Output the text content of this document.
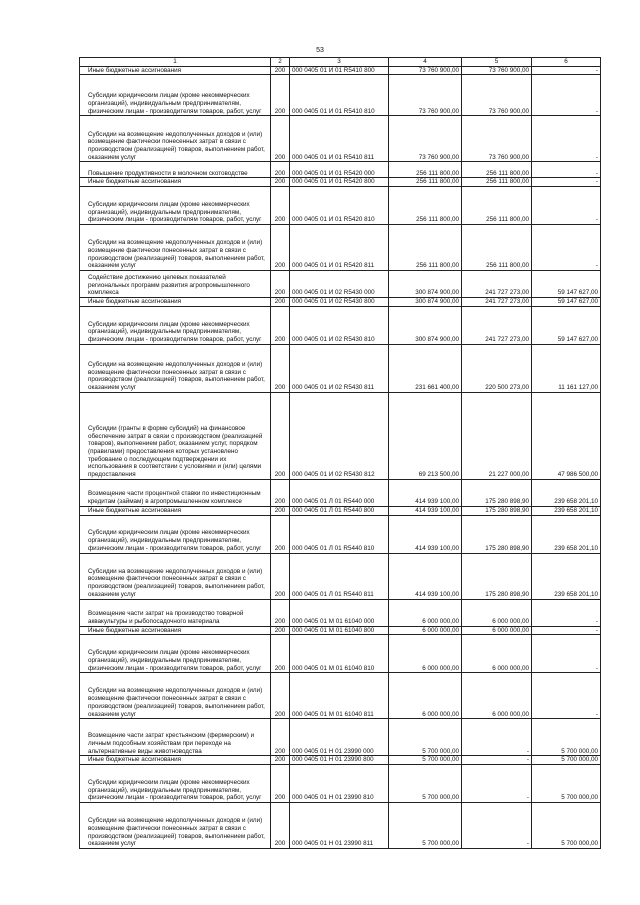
53
1	2	3	4	5	6
Иные бюджетные ассигнования	200	000 0405 01 И 01 R5410 800	73 760 900,00	73 760 900,00	-
Субсидии юридическим лицам (кроме некоммерческих организаций), индивидуальным предпринимателям, физическим лицам - производителям товаров, работ, услуг	200	000 0405 01 И 01 R5410 810	73 760 900,00	73 760 900,00	-
Субсидии на возмещение недополученных доходов и (или) возмещение фактически понесенных затрат в связи с производством (реализацией) товаров, выполнением работ, оказанием услуг	200	000 0405 01 И 01 R5410 811	73 760 900,00	73 760 900,00	-
Повышение продуктивности в молочном скотоводстве	200	000 0405 01 И 01 R5420 000	256 111 800,00	256 111 800,00	-
Иные бюджетные ассигнования	200	000 0405 01 И 01 R5420 800	256 111 800,00	256 111 800,00	-
Субсидии юридическим лицам (кроме некоммерческих организаций), индивидуальным предпринимателям, физическим лицам - производителям товаров, работ, услуг	200	000 0405 01 И 01 R5420 810	256 111 800,00	256 111 800,00	-
Субсидии на возмещение недополученных доходов и (или) возмещение фактически понесенных затрат в связи с производством (реализацией) товаров, выполнением работ, оказанием услуг	200	000 0405 01 И 01 R5420 811	256 111 800,00	256 111 800,00	-
Содействие достижению целевых показателей региональных программ развития агропромышленного комплекса	200	000 0405 01 И 02 R5430 000	300 874 900,00	241 727 273,00	59 147 627,00
Иные бюджетные ассигнования	200	000 0405 01 И 02 R5430 800	300 874 900,00	241 727 273,00	59 147 627,00
Субсидии юридическим лицам (кроме некоммерческих организаций), индивидуальным предпринимателям, физическим лицам - производителям товаров, работ, услуг	200	000 0405 01 И 02 R5430 810	300 874 900,00	241 727 273,00	59 147 627,00
Субсидии на возмещение недополученных доходов и (или) возмещение фактически понесенных затрат в связи с производством (реализацией) товаров, выполнением работ, оказанием услуг	200	000 0405 01 И 02 R5430 811	231 661 400,00	220 500 273,00	11 161 127,00
Субсидии (гранты в форме субсидий) на финансовое обеспечение затрат в связи с производством (реализацией товаров), выполнением работ, оказанием услуг, порядком (правилами) предоставления которых установлено требование о последующем подтверждении их использования в соответствии с условиями и (или) целями предоставления	200	000 0405 01 И 02 R5430 812	69 213 500,00	21 227 000,00	47 986 500,00
Возмещение части процентной ставки по инвестиционным кредитам (займам) в агропромышленном комплексе	200	000 0405 01 Л 01 R5440 000	414 939 100,00	175 280 898,90	239 658 201,10
Иные бюджетные ассигнования	200	000 0405 01 Л 01 R5440 800	414 939 100,00	175 280 898,90	239 658 201,10
Субсидии юридическим лицам (кроме некоммерческих организаций), индивидуальным предпринимателям, физическим лицам - производителям товаров, работ, услуг	200	000 0405 01 Л 01 R5440 810	414 939 100,00	175 280 898,90	239 658 201,10
Субсидии на возмещение недополученных доходов и (или) возмещение фактически понесенных затрат в связи с производством (реализацией) товаров, выполнением работ, оказанием услуг	200	000 0405 01 Л 01 R5440 811	414 939 100,00	175 280 898,90	239 658 201,10
Возмещение части затрат на производство товарной аквакультуры и рыбопосадочного материала	200	000 0405 01 М 01 61040 000	6 000 000,00	6 000 000,00	-
Иные бюджетные ассигнования	200	000 0405 01 М 01 61040 800	6 000 000,00	6 000 000,00	-
Субсидии юридическим лицам (кроме некоммерческих организаций), индивидуальным предпринимателям, физическим лицам - производителям товаров, работ, услуг	200	000 0405 01 М 01 61040 810	6 000 000,00	6 000 000,00	-
Субсидии на возмещение недополученных доходов и (или) возмещение фактически понесенных затрат в связи с производством (реализацией) товаров, выполнением работ, оказанием услуг	200	000 0405 01 М 01 61040 811	6 000 000,00	6 000 000,00	-
Возмещение части затрат крестьянским (фермерским) и личным подсобным хозяйствам при переходе на альтернативные виды животноводства	200	000 0405 01 Н 01 23990 000	5 700 000,00	-	5 700 000,00
Иные бюджетные ассигнования	200	000 0405 01 Н 01 23990 800	5 700 000,00	-	5 700 000,00
Субсидии юридическим лицам (кроме некоммерческих организаций), индивидуальным предпринимателям, физическим лицам - производителям товаров, работ, услуг	200	000 0405 01 Н 01 23990 810	5 700 000,00	-	5 700 000,00
Субсидии на возмещение недополученных доходов и (или) возмещение фактически понесенных затрат в связи с производством (реализацией) товаров, выполнением работ, оказанием услуг	200	000 0405 01 Н 01 23990 811	5 700 000,00	-	5 700 000,00
